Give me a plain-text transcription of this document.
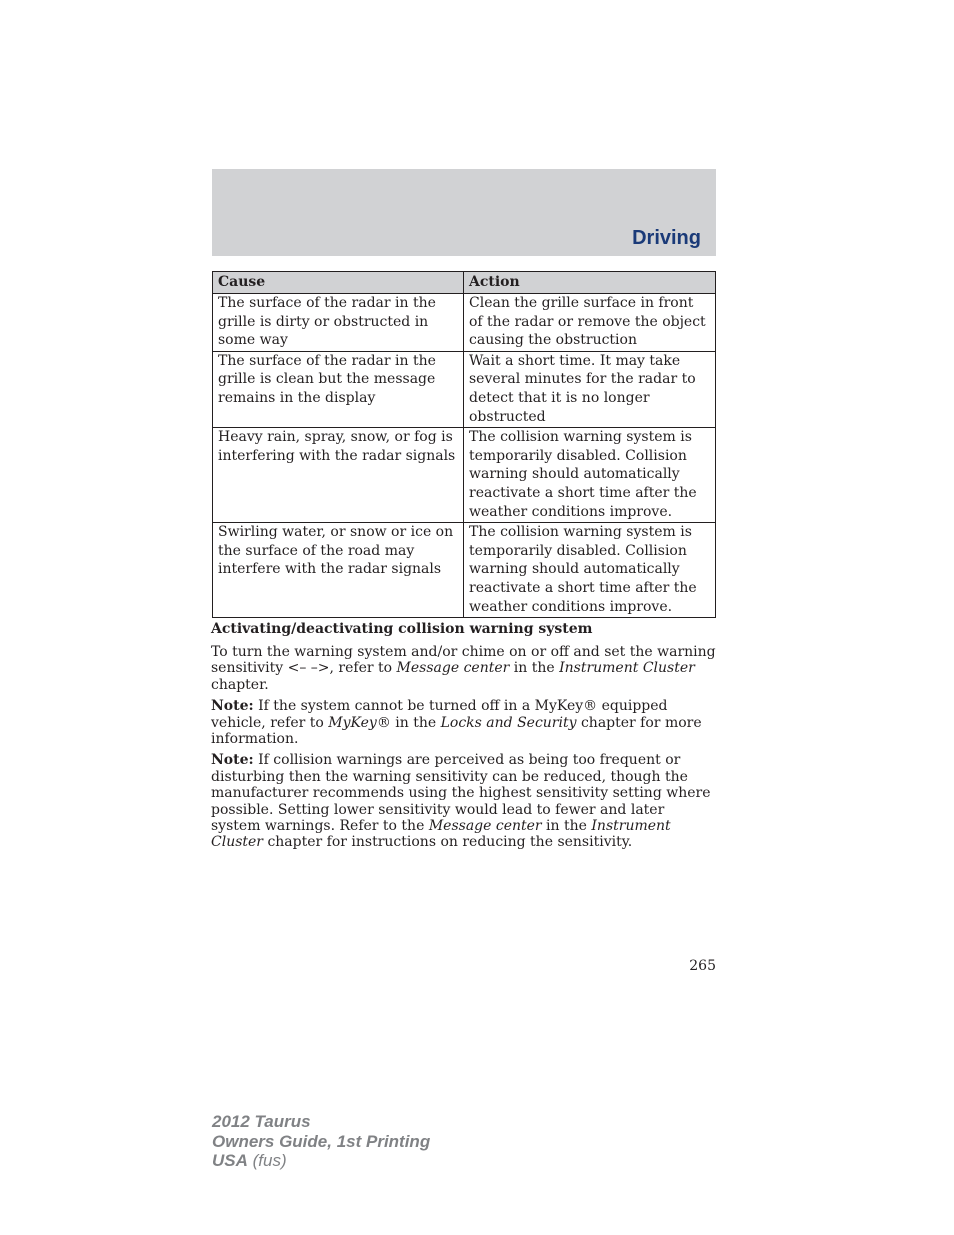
Driving
Cause	Action
The surface of the radar in the grille is dirty or obstructed in some way	Clean the grille surface in front of the radar or remove the object causing the obstruction
The surface of the radar in the grille is clean but the message remains in the display	Wait a short time. It may take several minutes for the radar to detect that it is no longer obstructed
Heavy rain, spray, snow, or fog is interfering with the radar signals	The collision warning system is temporarily disabled. Collision warning should automatically reactivate a short time after the weather conditions improve.
Swirling water, or snow or ice on the surface of the road may interfere with the radar signals	The collision warning system is temporarily disabled. Collision warning should automatically reactivate a short time after the weather conditions improve.
Activating/deactivating collision warning system

To turn the warning system and/or chime on or off and set the warning sensitivity <– –>, refer to Message center in the Instrument Cluster chapter.

Note: If the system cannot be turned off in a MyKey® equipped vehicle, refer to MyKey® in the Locks and Security chapter for more information.

Note: If collision warnings are perceived as being too frequent or disturbing then the warning sensitivity can be reduced, though the manufacturer recommends using the highest sensitivity setting where possible. Setting lower sensitivity would lead to fewer and later system warnings. Refer to the Message center in the Instrument Cluster chapter for instructions on reducing the sensitivity.

265
2012 Taurus
Owners Guide, 1st Printing
USA (fus)
